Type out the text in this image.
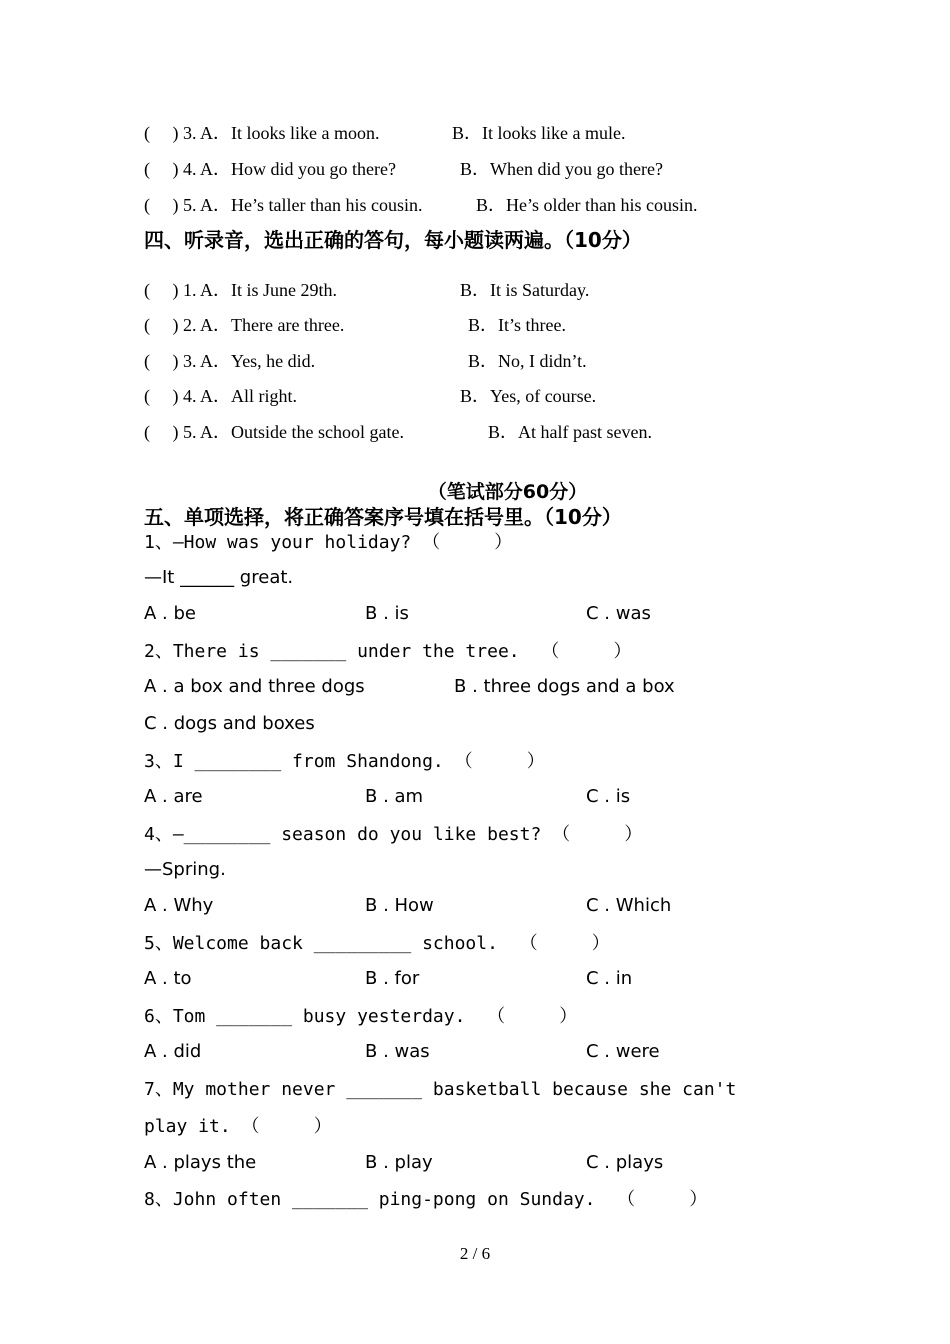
(     ) 3. A．It looks like a moon.

	B．It looks like a mule.

(     ) 4. A．How did you go there?

	B．When did you go there?

(     ) 5. A．He’s taller than his cousin.

	B．He’s older than his cousin.

四、听录音，选出正确的答句，每小题读两遍。（10分）

(     ) 1. A．It is June 29th.

	B．It is Saturday.

(     ) 2. A．There are three.

	B．It’s three.

(     ) 3. A．Yes, he did.

	B．No, I didn’t.

(     ) 4. A．All right.

	B．Yes, of course.

(     ) 5. A．Outside the school gate.

	B．At half past seven.

（笔试部分60分）
五、单项选择，将正确答案序号填在括号里。（10分）
1、—How was your holiday? （     ）
—It ______ great.

A . be

	B . is

	C . was

2、There is _______ under the tree.  （     ）

A . a box and three dogs

	B . three dogs and a box

C . dogs and boxes
3、I ________ from Shandong. （     ）

A . are

	B . am

	C . is

4、—________ season do you like best? （     ）
—Spring.

A . Why

	B . How

	C . Which

5、Welcome back _________ school.  （     ）

A . to

	B . for

	C . in

6、Tom _______ busy yesterday.  （     ）

A . did

	B . was

	C . were

7、My mother never _______ basketball because she can't
play it. （     ）

A . plays the

	B . play

	C . plays

8、John often _______ ping-pong on Sunday.  （     ）
2 / 6
